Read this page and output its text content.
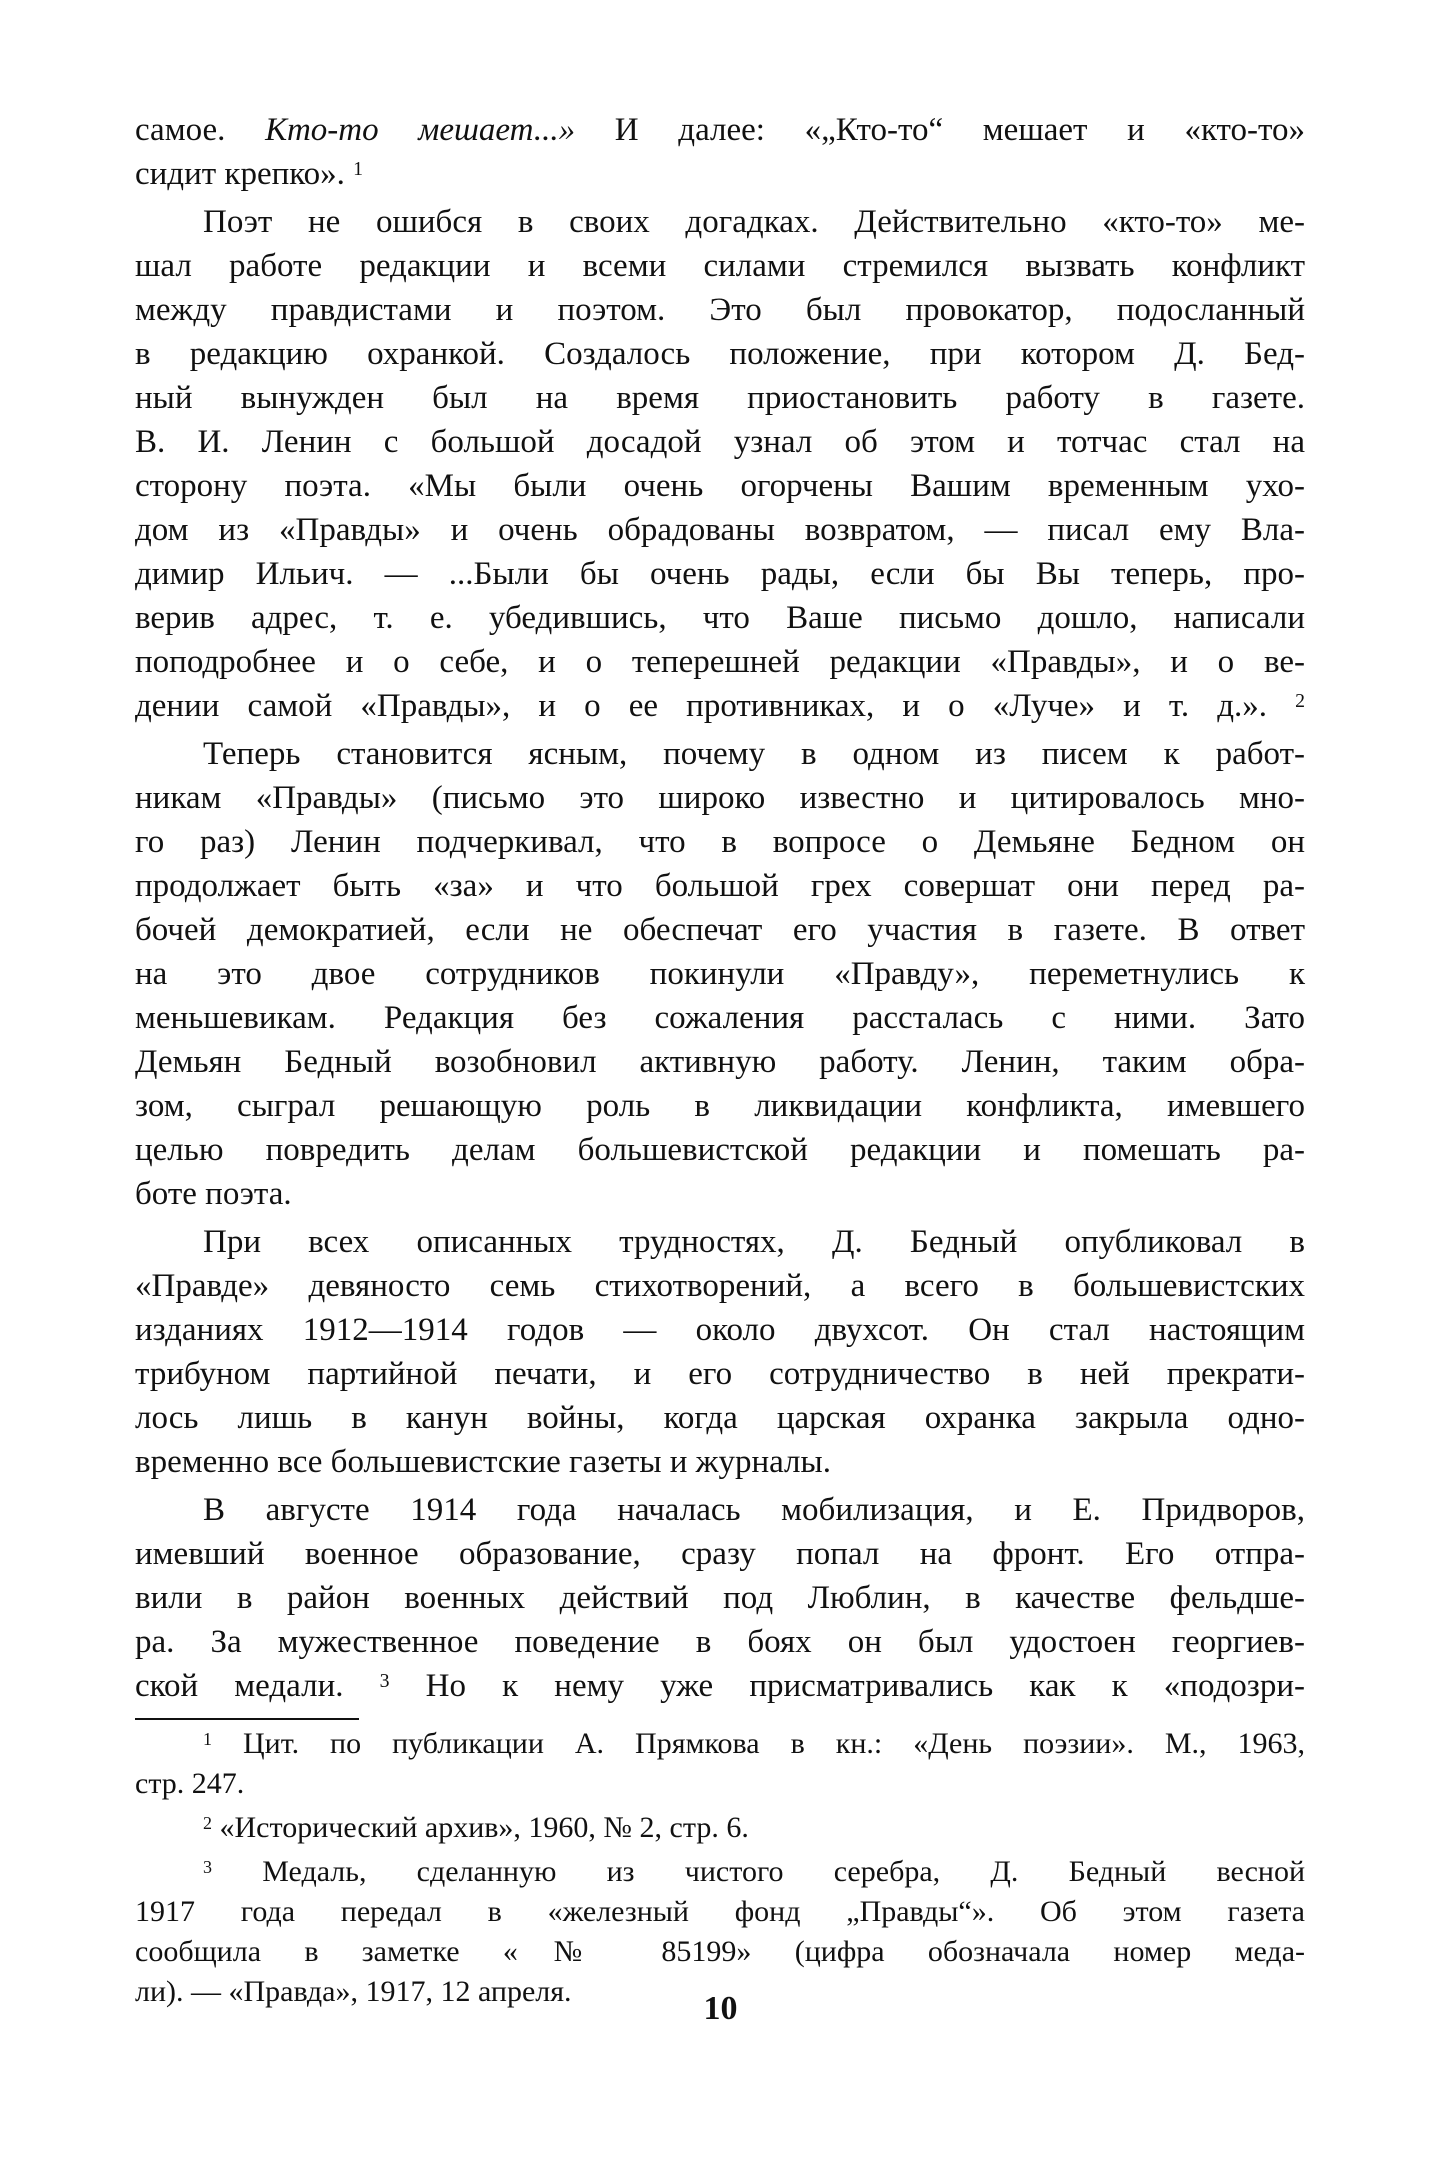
самое. Кто-то мешает...» И далее: «„Кто-то“ мешает и «кто-то»
сидит крепко». $^1$
Поэт не ошибся в своих догадках. Действительно «кто-то» ме-
шал работе редакции и всеми силами стремился вызвать конфликт
между правдистами и поэтом. Это был провокатор, подосланный
в редакцию охранкой. Создалось положение, при котором Д. Бед-
ный вынужден был на время приостановить работу в газете.
В. И. Ленин с большой досадой узнал об этом и тотчас стал на
сторону поэта. «Мы были очень огорчены Вашим временным ухо-
дом из «Правды» и очень обрадованы возвратом, — писал ему Вла-
димир Ильич. — ...Были бы очень рады, если бы Вы теперь, про-
верив адрес, т. е. убедившись, что Ваше письмо дошло, написали
поподробнее и о себе, и о теперешней редакции «Правды», и о ве-
дении самой «Правды», и о ее противниках, и о «Луче» и т. д.». $^2$
Теперь становится ясным, почему в одном из писем к работ-
никам «Правды» (письмо это широко известно и цитировалось мно-
го раз) Ленин подчеркивал, что в вопросе о Демьяне Бедном он
продолжает быть «за» и что большой грех совершат они перед ра-
бочей демократией, если не обеспечат его участия в газете. В ответ
на это двое сотрудников покинули «Правду», переметнулись к
меньшевикам. Редакция без сожаления рассталась с ними. Зато
Демьян Бедный возобновил активную работу. Ленин, таким обра-
зом, сыграл решающую роль в ликвидации конфликта, имевшего
целью повредить делам большевистской редакции и помешать ра-
боте поэта.
При всех описанных трудностях, Д. Бедный опубликовал в
«Правде» девяносто семь стихотворений, а всего в большевистских
изданиях 1912—1914 годов — около двухсот. Он стал настоящим
трибуном партийной печати, и его сотрудничество в ней прекрати-
лось лишь в канун войны, когда царская охранка закрыла одно-
временно все большевистские газеты и журналы.
В августе 1914 года началась мобилизация, и Е. Придворов,
имевший военное образование, сразу попал на фронт. Его отпра-
вили в район военных действий под Люблин, в качестве фельдше-
ра. За мужественное поведение в боях он был удостоен георгиев-
ской медали. $^3$ Но к нему уже присматривались как к «подозри-
$^1$ Цит. по публикации А. Прямкова в кн.: «День поэзии». М., 1963,
стр. 247.
$^2$ «Исторический архив», 1960, № 2, стр. 6.
$^3$ Медаль, сделанную из чистого серебра, Д. Бедный весной
1917 года передал в «железный фонд „Правды“». Об этом газета
сообщила в заметке «№ 85199» (цифра обозначала номер меда-
ли). — «Правда», 1917, 12 апреля.	10
